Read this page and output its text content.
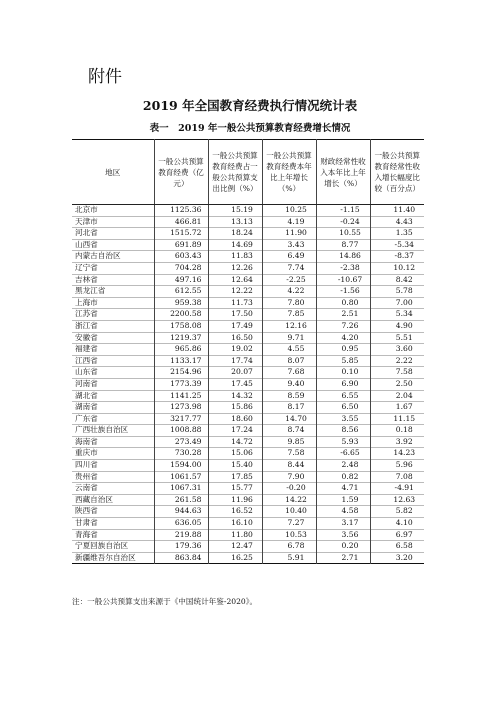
附件
2019 年全国教育经费执行情况统计表
表一　2019 年一般公共预算教育经费增长情况
地区	一般公共预算教育经费（亿元）	一般公共预算教育经费占一般公共预算支出比例（%）	一般公共预算教育经费本年比上年增长（%）	财政经常性收入本年比上年增长（%）	一般公共预算教育经常性收入增长幅度比较（百分点）
北京市	1125.36	15.19	10.25	-1.15	11.40
天津市	466.81	13.13	4.19	-0.24	4.43
河北省	1515.72	18.24	11.90	10.55	1.35
山西省	691.89	14.69	3.43	8.77	-5.34
内蒙古自治区	603.43	11.83	6.49	14.86	-8.37
辽宁省	704.28	12.26	7.74	-2.38	10.12
吉林省	497.16	12.64	-2.25	-10.67	8.42
黑龙江省	612.55	12.22	4.22	-1.56	5.78
上海市	959.38	11.73	7.80	0.80	7.00
江苏省	2200.58	17.50	7.85	2.51	5.34
浙江省	1758.08	17.49	12.16	7.26	4.90
安徽省	1219.37	16.50	9.71	4.20	5.51
福建省	965.86	19.02	4.55	0.95	3.60
江西省	1133.17	17.74	8.07	5.85	2.22
山东省	2154.96	20.07	7.68	0.10	7.58
河南省	1773.39	17.45	9.40	6.90	2.50
湖北省	1141.25	14.32	8.59	6.55	2.04
湖南省	1273.98	15.86	8.17	6.50	1.67
广东省	3217.77	18.60	14.70	3.55	11.15
广西壮族自治区	1008.88	17.24	8.74	8.56	0.18
海南省	273.49	14.72	9.85	5.93	3.92
重庆市	730.28	15.06	7.58	-6.65	14.23
四川省	1594.00	15.40	8.44	2.48	5.96
贵州省	1061.57	17.85	7.90	0.82	7.08
云南省	1067.31	15.77	-0.20	4.71	-4.91
西藏自治区	261.58	11.96	14.22	1.59	12.63
陕西省	944.63	16.52	10.40	4.58	5.82
甘肃省	636.05	16.10	7.27	3.17	4.10
青海省	219.88	11.80	10.53	3.56	6.97
宁夏回族自治区	179.36	12.47	6.78	0.20	6.58
新疆维吾尔自治区	863.84	16.25	5.91	2.71	3.20
注：一般公共预算支出来源于《中国统计年鉴-2020》。
